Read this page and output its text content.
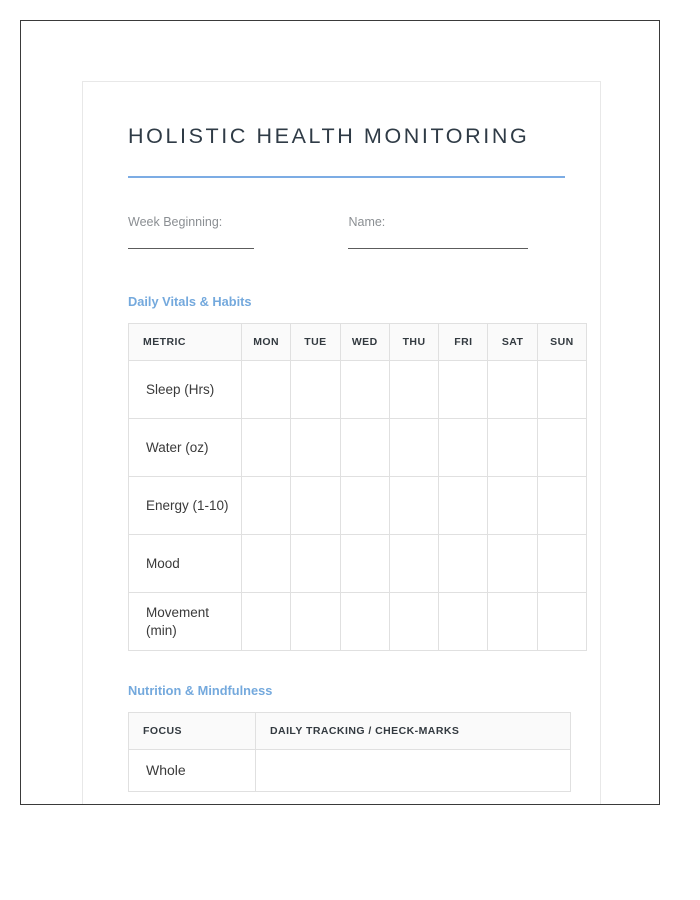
HOLISTIC HEALTH MONITORING
Week Beginning:	Name:
Daily Vitals & Habits
METRIC	MON	TUE	WED	THU	FRI	SAT	SUN
Sleep (Hrs)							
Water (oz)							
Energy (1-10)							
Mood							
Movement (min)							
Nutrition & Mindfulness
FOCUS	DAILY TRACKING / CHECK-MARKS
Whole	
